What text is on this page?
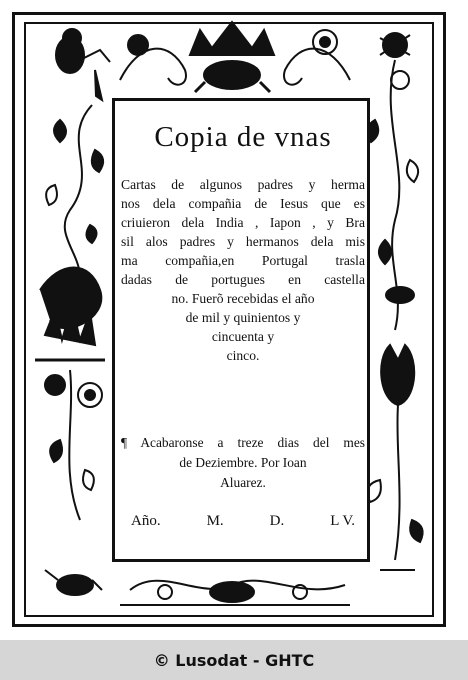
Copia de vnas
Cartas de algunos padres y herma
nos dela compañia de Iesus que es
criuieron dela India , Iapon , y Bra
sil alos padres y hermanos dela mis
ma compañia,en Portugal trasla
dadas de portugues en castella
no. Fuerõ recebidas el año
de mil y quinientos y
cincuenta y
cinco.
¶ Acabaronse a treze dias del mes
de Deziembre. Por Ioan
Aluarez.
Año.	M.	D.	L V.
© Lusodat - GHTC
